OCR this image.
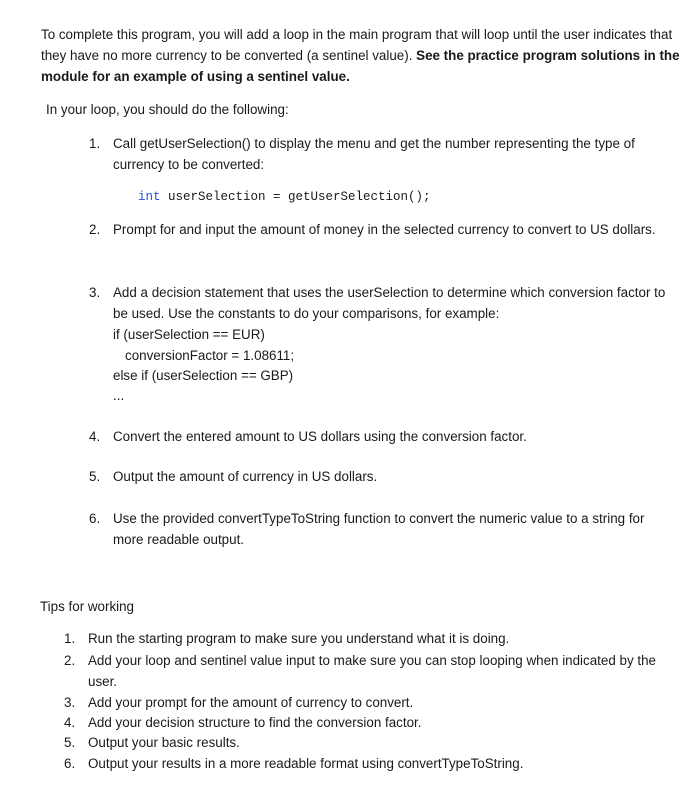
To complete this program, you will add a loop in the main program that will loop until the user indicates that they have no more currency to be converted (a sentinel value). See the practice program solutions in the module for an example of using a sentinel value.
In your loop, you should do the following:
1. Call getUserSelection() to display the menu and get the number representing the type of currency to be converted:
int userSelection = getUserSelection();
2. Prompt for and input the amount of money in the selected currency to convert to US dollars.
3. Add a decision statement that uses the userSelection to determine which conversion factor to be used. Use the constants to do your comparisons, for example:
if (userSelection == EUR)
conversionFactor = 1.08611;
else if (userSelection == GBP)
...
4. Convert the entered amount to US dollars using the conversion factor.
5. Output the amount of currency in US dollars.
6. Use the provided convertTypeToString function to convert the numeric value to a string for more readable output.
Tips for working
1. Run the starting program to make sure you understand what it is doing.
2. Add your loop and sentinel value input to make sure you can stop looping when indicated by the user.
3. Add your prompt for the amount of currency to convert.
4. Add your decision structure to find the conversion factor.
5. Output your basic results.
6. Output your results in a more readable format using convertTypeToString.
